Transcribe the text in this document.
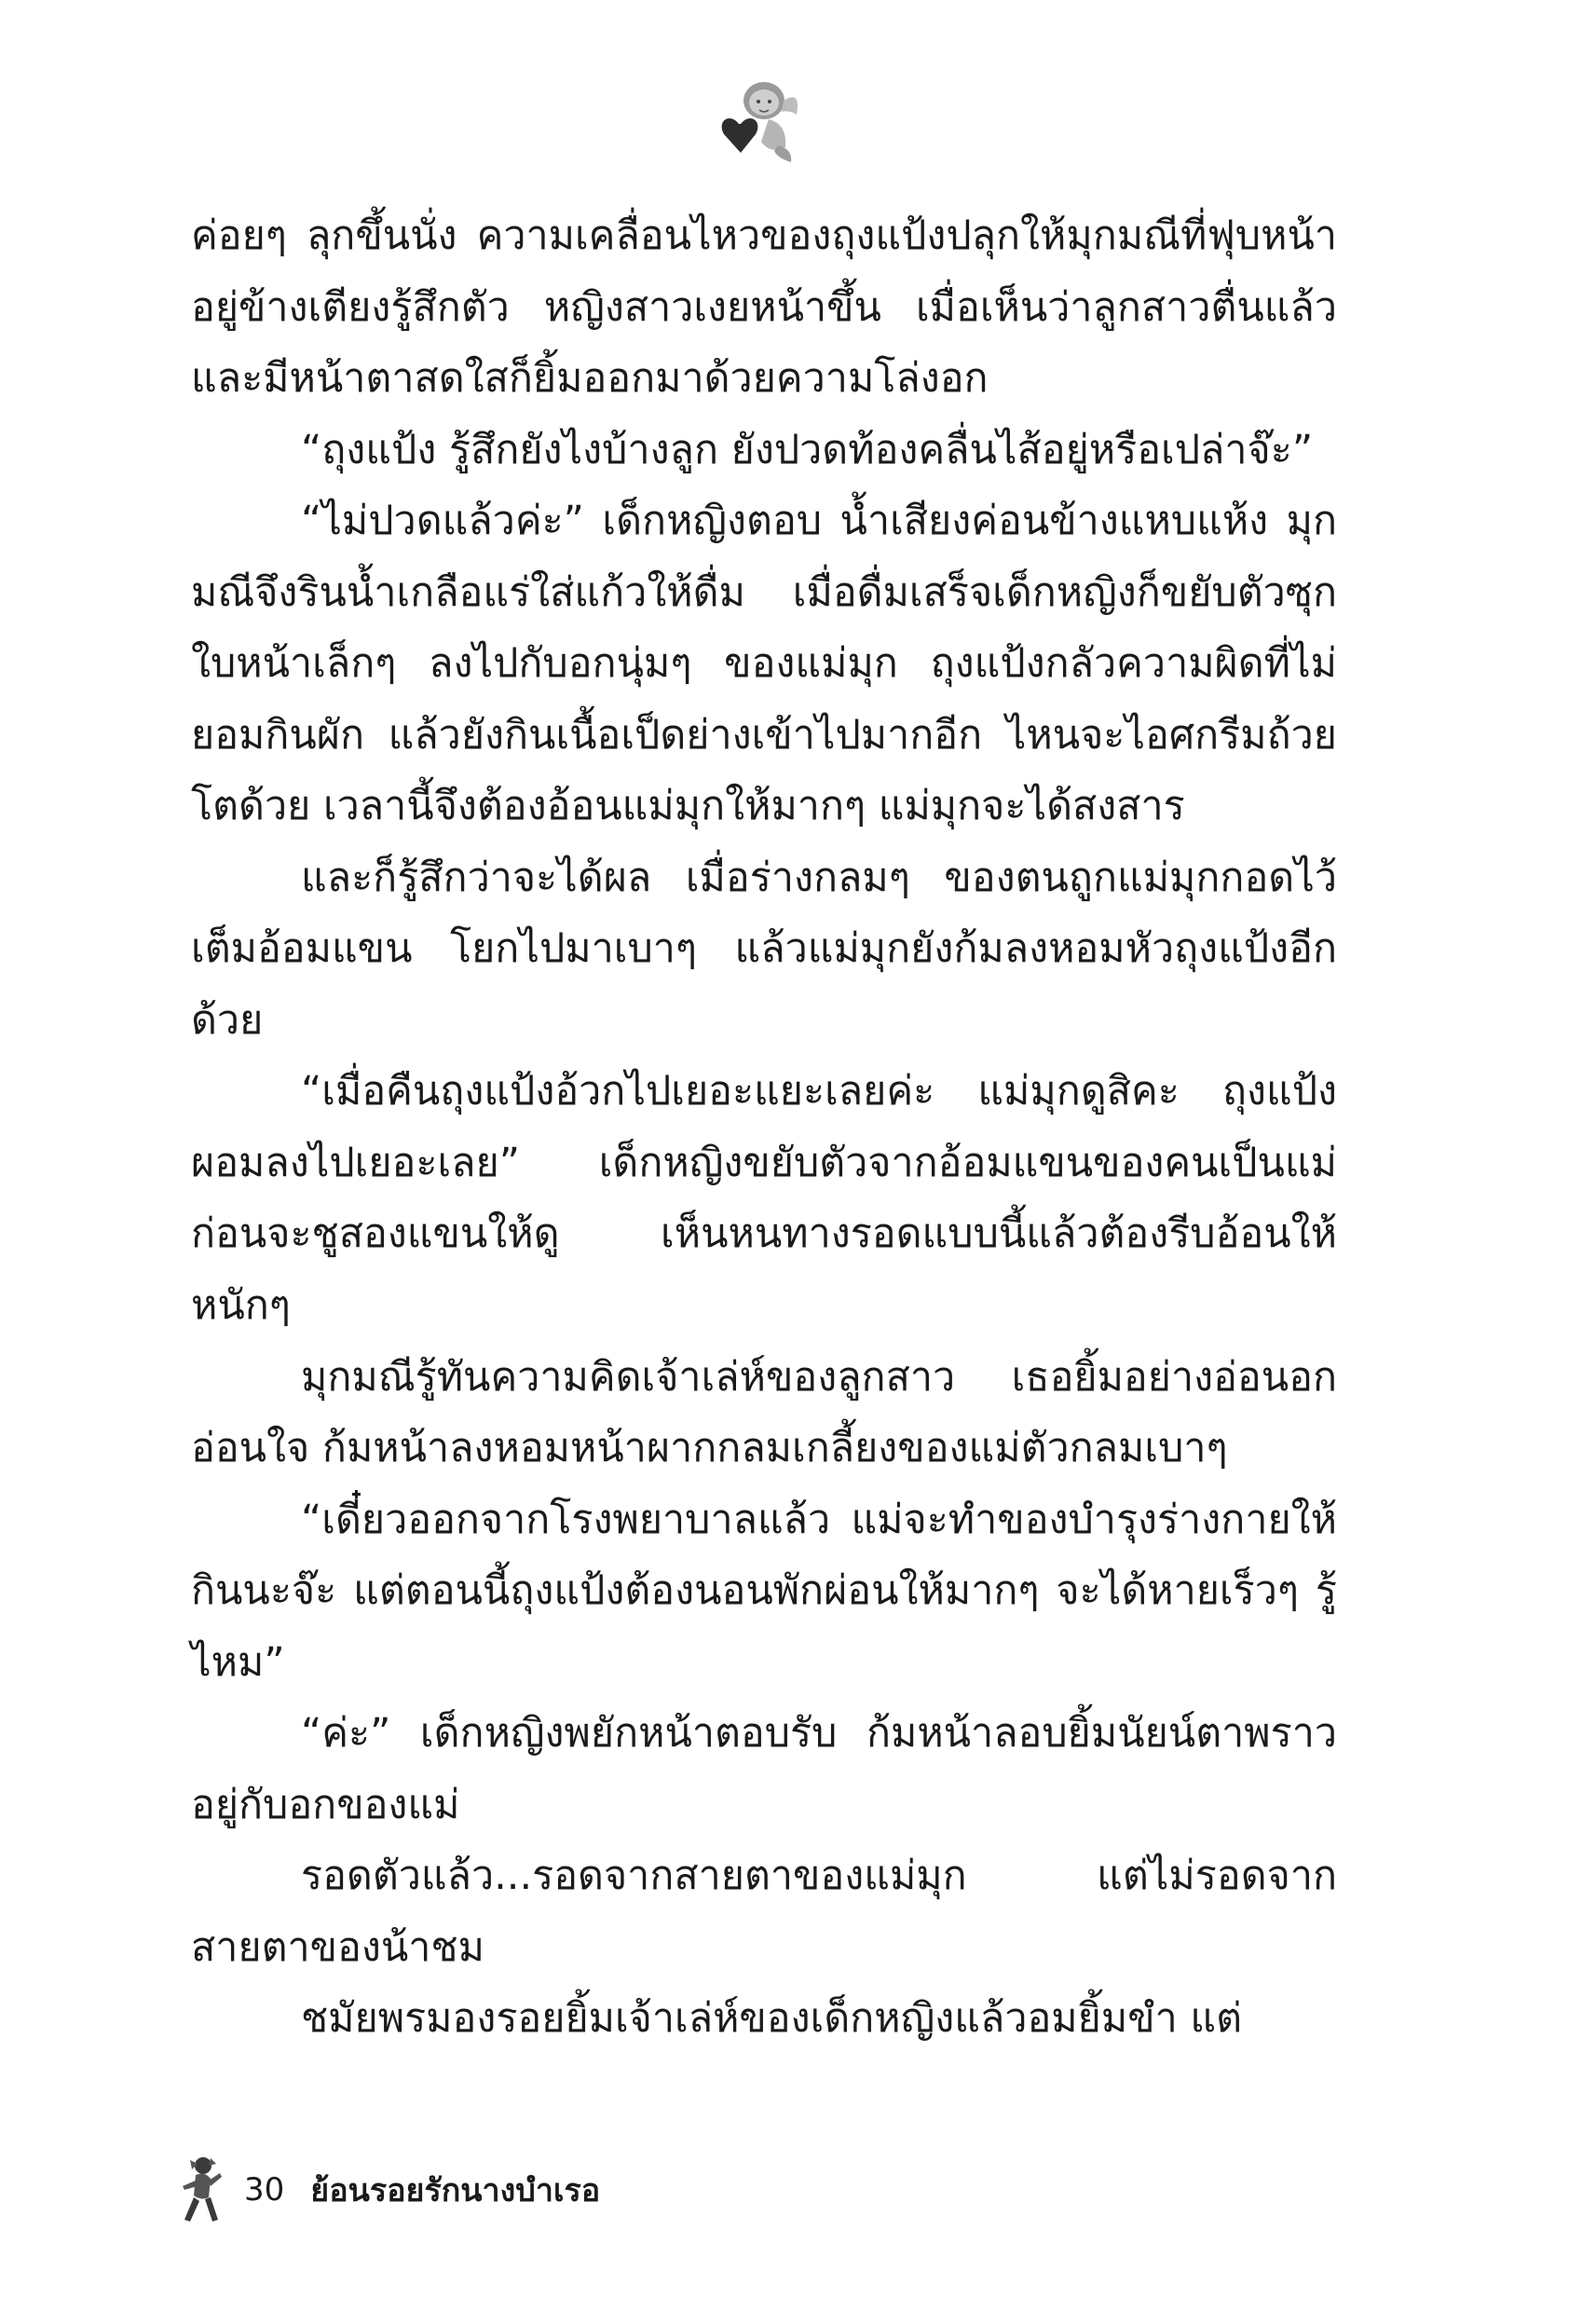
ค่อยๆ ลุกขึ้นนั่ง ความเคลื่อนไหวของถุงแป้งปลุกให้มุกมณีที่ฟุบหน้าอยู่ข้างเตียงรู้สึกตัว หญิงสาวเงยหน้าขึ้น เมื่อเห็นว่าลูกสาวตื่นแล้วและมีหน้าตาสดใสก็ยิ้มออกมาด้วยความโล่งอก

“ถุงแป้ง รู้สึกยังไงบ้างลูก ยังปวดท้องคลื่นไส้อยู่หรือเปล่าจ๊ะ”

“ไม่ปวดแล้วค่ะ” เด็กหญิงตอบ น้ำเสียงค่อนข้างแหบแห้ง มุกมณีจึงรินน้ำเกลือแร่ใส่แก้วให้ดื่ม เมื่อดื่มเสร็จเด็กหญิงก็ขยับตัวซุกใบหน้าเล็กๆ ลงไปกับอกนุ่มๆ ของแม่มุก ถุงแป้งกลัวความผิดที่ไม่ยอมกินผัก แล้วยังกินเนื้อเป็ดย่างเข้าไปมากอีก ไหนจะไอศกรีมถ้วยโตด้วย เวลานี้จึงต้องอ้อนแม่มุกให้มากๆ แม่มุกจะได้สงสาร

และก็รู้สึกว่าจะได้ผล เมื่อร่างกลมๆ ของตนถูกแม่มุกกอดไว้เต็มอ้อมแขน โยกไปมาเบาๆ แล้วแม่มุกยังก้มลงหอมหัวถุงแป้งอีกด้วย

“เมื่อคืนถุงแป้งอ้วกไปเยอะแยะเลยค่ะ แม่มุกดูสิคะ ถุงแป้งผอมลงไปเยอะเลย” เด็กหญิงขยับตัวจากอ้อมแขนของคนเป็นแม่ก่อนจะชูสองแขนให้ดู เห็นหนทางรอดแบบนี้แล้วต้องรีบอ้อนให้หนักๆ

มุกมณีรู้ทันความคิดเจ้าเล่ห์ของลูกสาว เธอยิ้มอย่างอ่อนอกอ่อนใจ ก้มหน้าลงหอมหน้าผากกลมเกลี้ยงของแม่ตัวกลมเบาๆ

“เดี๋ยวออกจากโรงพยาบาลแล้ว แม่จะทำของบำรุงร่างกายให้กินนะจ๊ะ แต่ตอนนี้ถุงแป้งต้องนอนพักผ่อนให้มากๆ จะได้หายเร็วๆ รู้ไหม”

“ค่ะ” เด็กหญิงพยักหน้าตอบรับ ก้มหน้าลอบยิ้มนัยน์ตาพราวอยู่กับอกของแม่

รอดตัวแล้ว...รอดจากสายตาของแม่มุก แต่ไม่รอดจากสายตาของน้าชม

ชมัยพรมองรอยยิ้มเจ้าเล่ห์ของเด็กหญิงแล้วอมยิ้มขำ แต่

30 ย้อนรอยรักนางบำเรอ
